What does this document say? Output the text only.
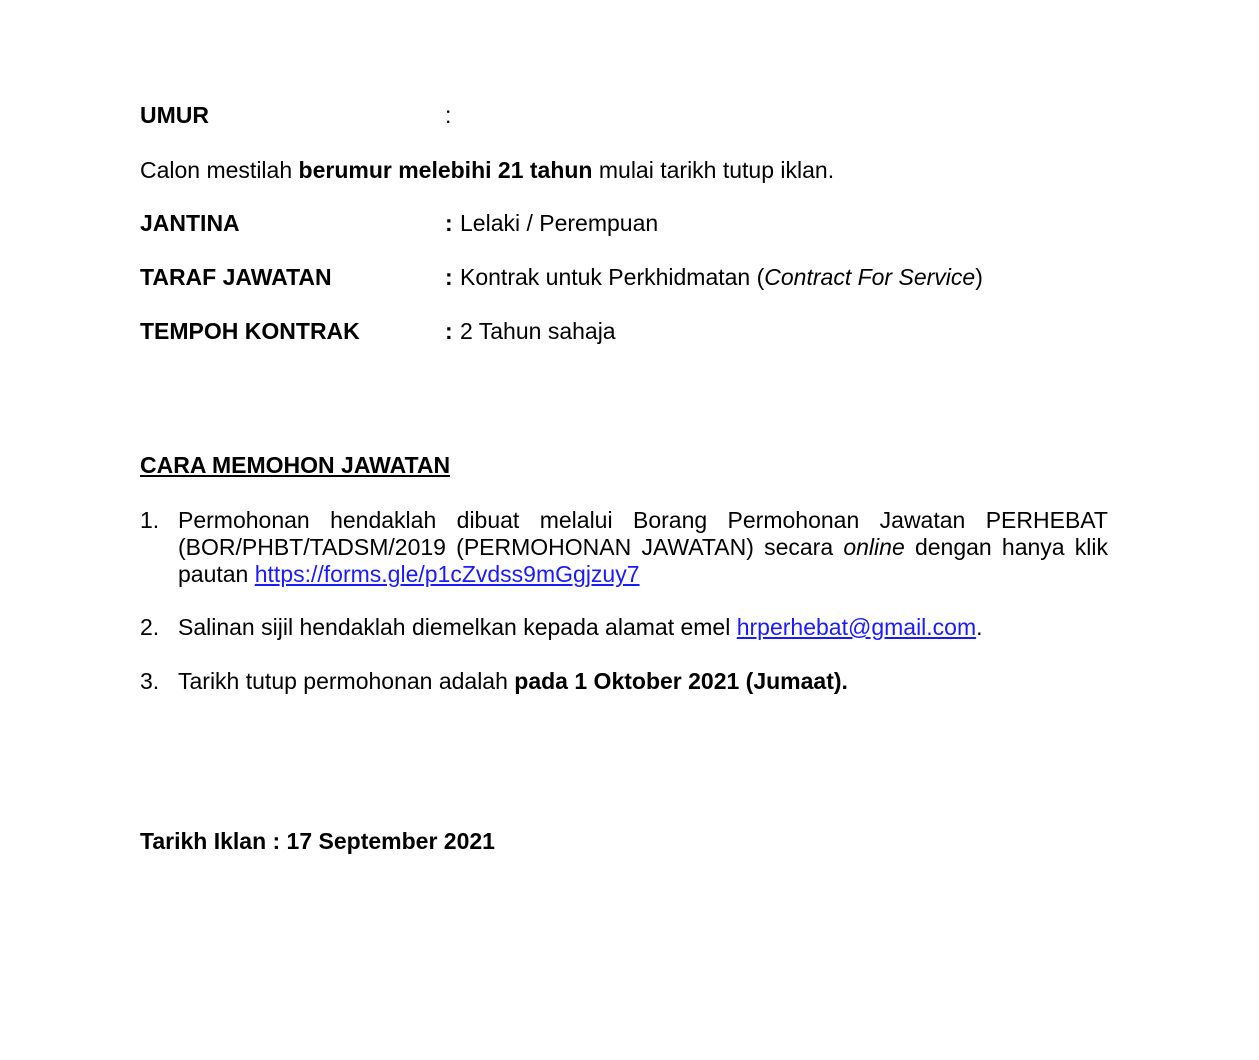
UMUR	:
Calon mestilah berumur melebihi 21 tahun mulai tarikh tutup iklan.
JANTINA	: Lelaki / Perempuan
TARAF JAWATAN	: Kontrak untuk Perkhidmatan (Contract For Service)
TEMPOH KONTRAK	: 2 Tahun sahaja
CARA MEMOHON JAWATAN
1. Permohonan hendaklah dibuat melalui Borang Permohonan Jawatan PERHEBAT
(BOR/PHBT/TADSM/2019 (PERMOHONAN JAWATAN) secara online dengan hanya klik
pautan https://forms.gle/p1cZvdss9mGgjzuy7
2. Salinan sijil hendaklah diemelkan kepada alamat emel hrperhebat@gmail.com.
3. Tarikh tutup permohonan adalah pada 1 Oktober 2021 (Jumaat).
Tarikh Iklan : 17 September 2021
